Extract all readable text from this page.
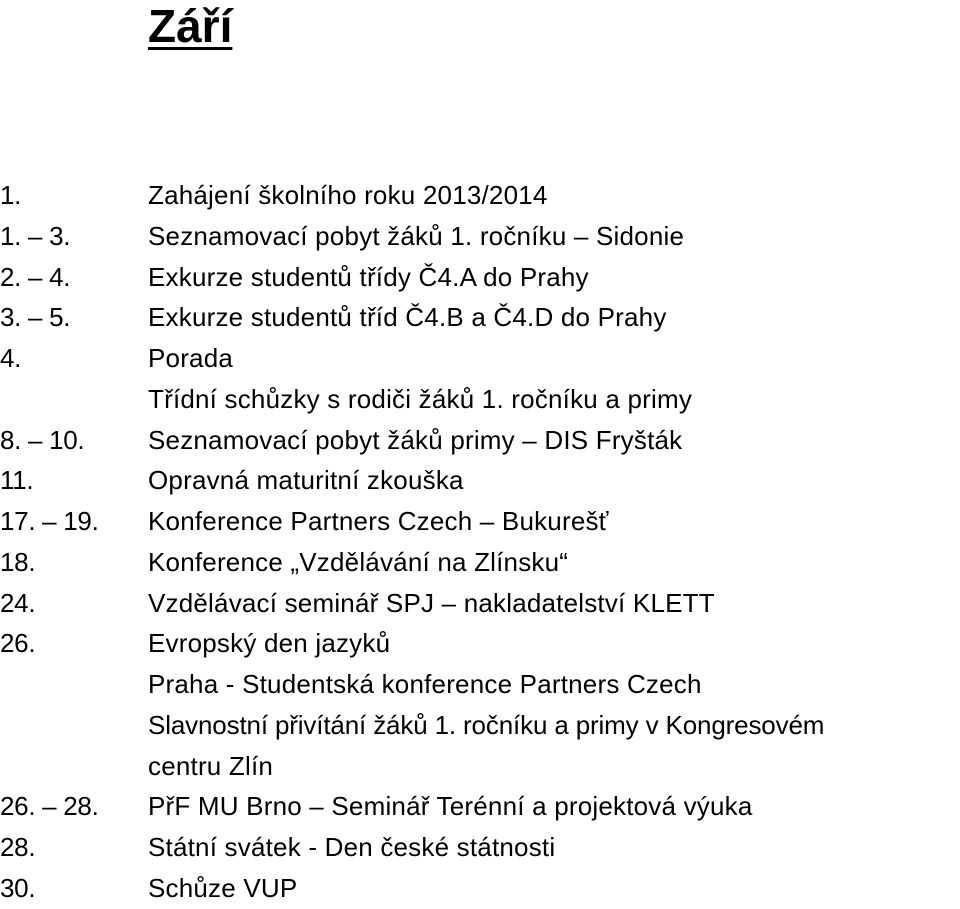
Září
1.	Zahájení školního roku 2013/2014
1. – 3.	Seznamovací pobyt žáků 1. ročníku – Sidonie
2. – 4.	Exkurze studentů třídy Č4.A do Prahy
3. – 5.	Exkurze studentů tříd Č4.B a Č4.D do Prahy
4.	Porada
Třídní schůzky s rodiči žáků 1. ročníku a primy
8. – 10.	Seznamovací pobyt žáků primy – DIS Fryšták
11.	Opravná maturitní zkouška
17. – 19.	Konference Partners Czech – Bukurešť
18.	Konference „Vzdělávání na Zlínsku“
24.	Vzdělávací seminář SPJ – nakladatelství KLETT
26.	Evropský den jazyků
Praha - Studentská konference Partners Czech
Slavnostní přivítání žáků 1. ročníku a primy v Kongresovém
centru Zlín
26. – 28.	PřF MU Brno – Seminář Terénní a projektová výuka
28.	Státní svátek - Den české státnosti
30.	Schůze VUP
